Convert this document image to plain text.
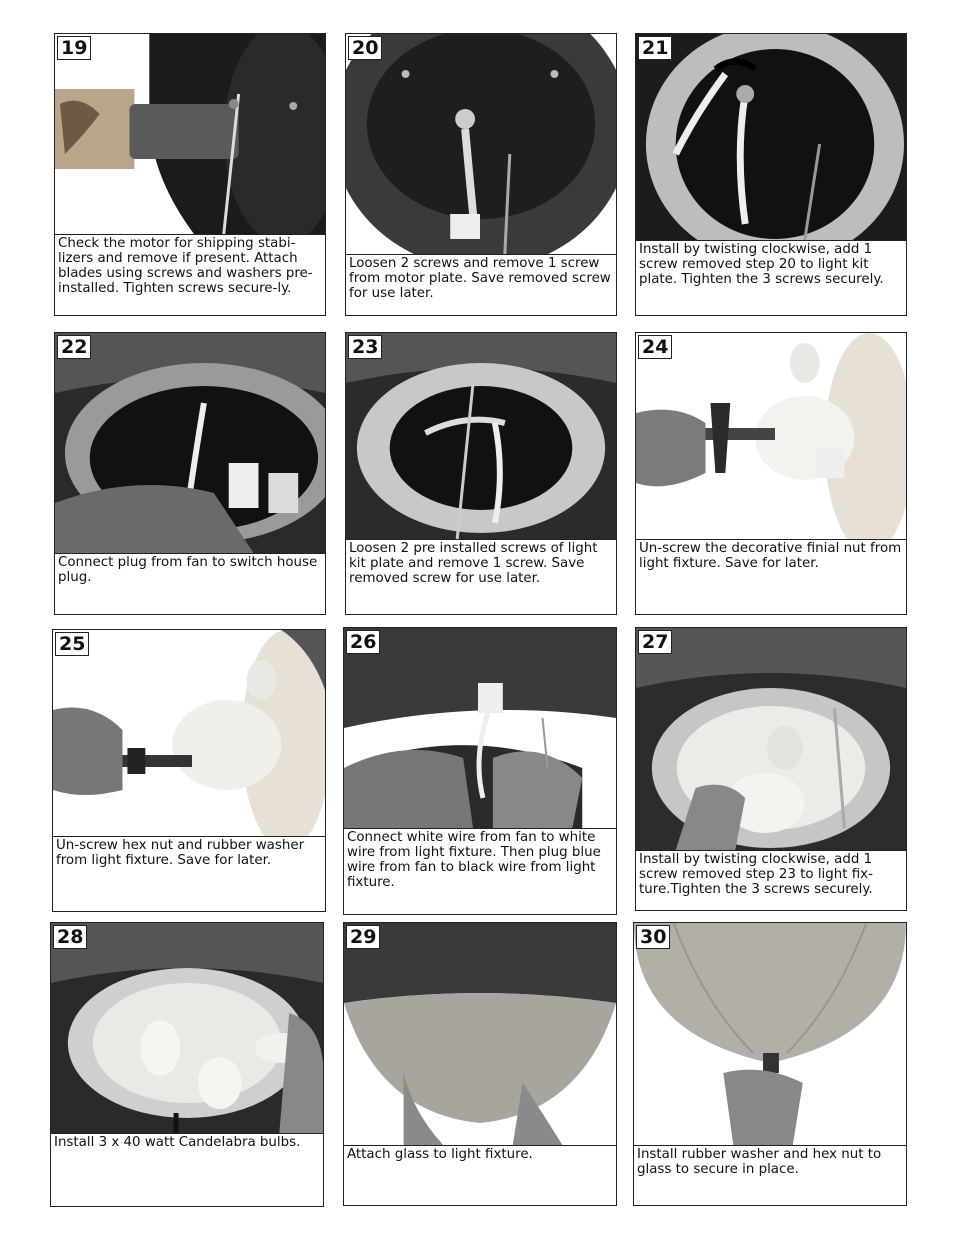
19
Check the motor for shipping stabi- lizers and remove if present. Attach blades using screws and washers pre-installed. Tighten screws secure-ly.
20
Loosen 2 screws and remove 1 screw from motor plate. Save removed screw for use later.
21
Install by twisting clockwise, add 1 screw removed step 20 to light kit plate. Tighten the 3 screws securely.
22
Connect plug from fan to switch house plug.
23
Loosen 2 pre installed screws of light kit plate and remove 1 screw. Save removed screw for use later.
24
Un-screw the decorative finial nut from light fixture. Save for later.
25
Un-screw hex nut and rubber washer from light fixture. Save for later.
26
Connect white wire from fan to white wire from light fixture. Then plug blue wire from fan to black wire from light fixture.
27
Install by twisting clockwise, add 1 screw removed step 23 to light fix-ture.Tighten the 3 screws securely.
28
Install 3 x 40 watt Candelabra bulbs.
29
Attach glass to light fixture.
30
Install rubber washer and hex nut to glass to secure in place.
